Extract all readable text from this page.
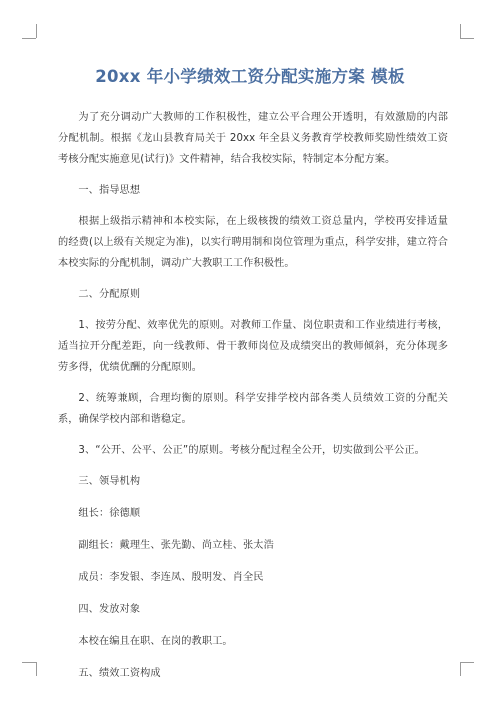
20xx 年小学绩效工资分配实施方案 模板

为了充分调动广大教师的工作积极性，建立公平合理公开透明，有效激励的内部分配机制。根据《龙山县教育局关于 20xx 年全县义务教育学校教师奖励性绩效工资考核分配实施意见(试行)》文件精神，结合我校实际，特制定本分配方案。

一、指导思想

根据上级指示精神和本校实际，在上级核拨的绩效工资总量内，学校再安排适量的经费(以上级有关规定为准)，以实行聘用制和岗位管理为重点，科学安排，建立符合本校实际的分配机制，调动广大教职工工作积极性。

二、分配原则

1、按劳分配、效率优先的原则。对教师工作量、岗位职责和工作业绩进行考核，适当拉开分配差距，向一线教师、骨干教师岗位及成绩突出的教师倾斜，充分体现多劳多得，优绩优酬的分配原则。

2、统筹兼顾，合理均衡的原则。科学安排学校内部各类人员绩效工资的分配关系，确保学校内部和谐稳定。

3、“公开、公平、公正”的原则。考核分配过程全公开，切实做到公平公正。

三、领导机构

组长：徐德顺

副组长：戴理生、张先勤、尚立桂、张太浩

成员：李发银、李连凤、殷明发、肖全民

四、发放对象

本校在编且在职、在岗的教职工。

五、绩效工资构成
